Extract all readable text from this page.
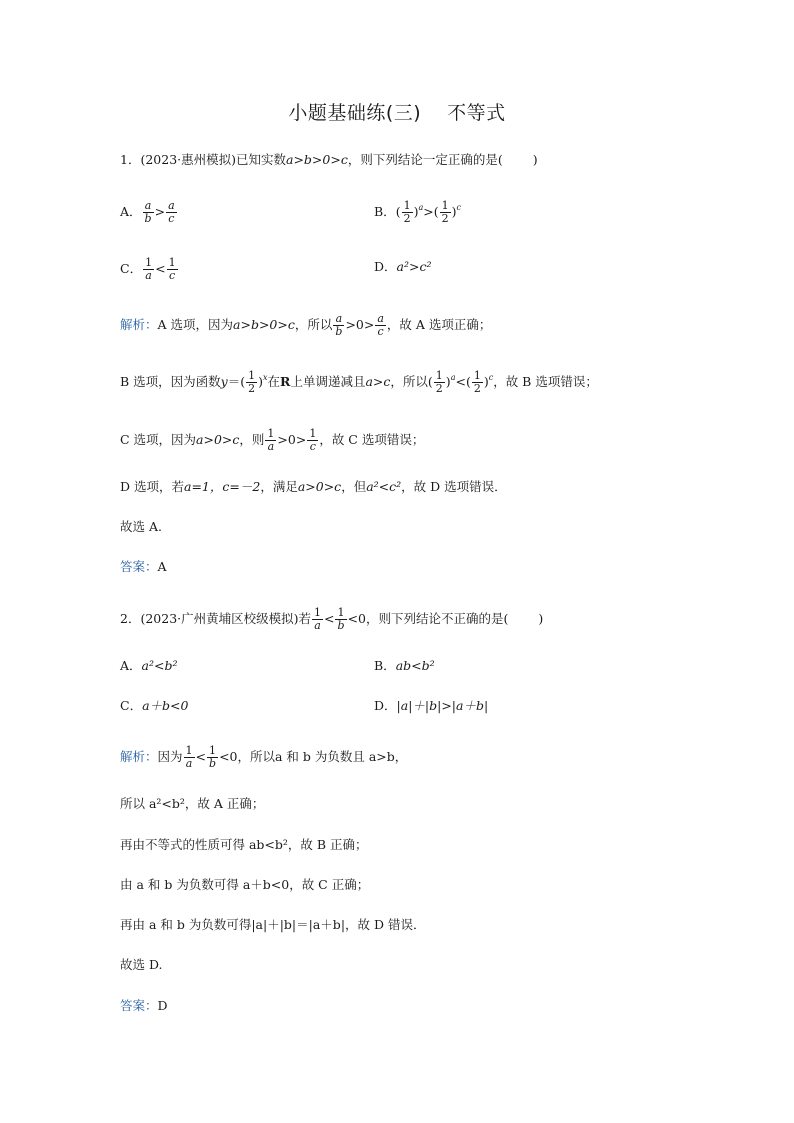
小题基础练(三) 不等式
1．(2023·惠州模拟)已知实数a>b>0>c，则下列结论一定正确的是( )
A． $\frac{a}{b} > \frac{a}{c}$	B．( $\frac{1}{2} )^a>( \frac{1}{2} )^c$
C． $\frac{1}{a} < \frac{1}{c}$	D．a²>c²
解析：A 选项，因为a>b>0>c，所以 $\frac{a}{b} >0> \frac{a}{c}$ ，故 A 选项正确；
B 选项，因为函数$y=( \frac{1}{2} )^x$在R上单调递减且a>c，所以( $\frac{1}{2} )^a<( \frac{1}{2} )^c$，故 B 选项错误；
C 选项，因为a>0>c，则 $\frac{1}{a} >0> \frac{1}{c}$ ，故 C 选项错误；
D 选项，若a=1，c=－2，满足a>0>c，但a²<c²，故 D 选项错误．
故选 A.
答案：A
2．(2023·广州黄埔区校级模拟)若 $\frac{1}{a} < \frac{1}{b} <0$，则下列结论不正确的是( )
A．a²<b²	B．ab<b²
C．a＋b<0	D．|a|＋|b|>|a＋b|
解析：因为 $\frac{1}{a} < \frac{1}{b} <0$，所以a 和 b 为负数且 a>b，
所以 a²<b²，故 A 正确；
再由不等式的性质可得 ab<b²，故 B 正确；
由 a 和 b 为负数可得 a＋b<0，故 C 正确；
再由 a 和 b 为负数可得|a|＋|b|＝|a＋b|，故 D 错误．
故选 D.
答案：D
